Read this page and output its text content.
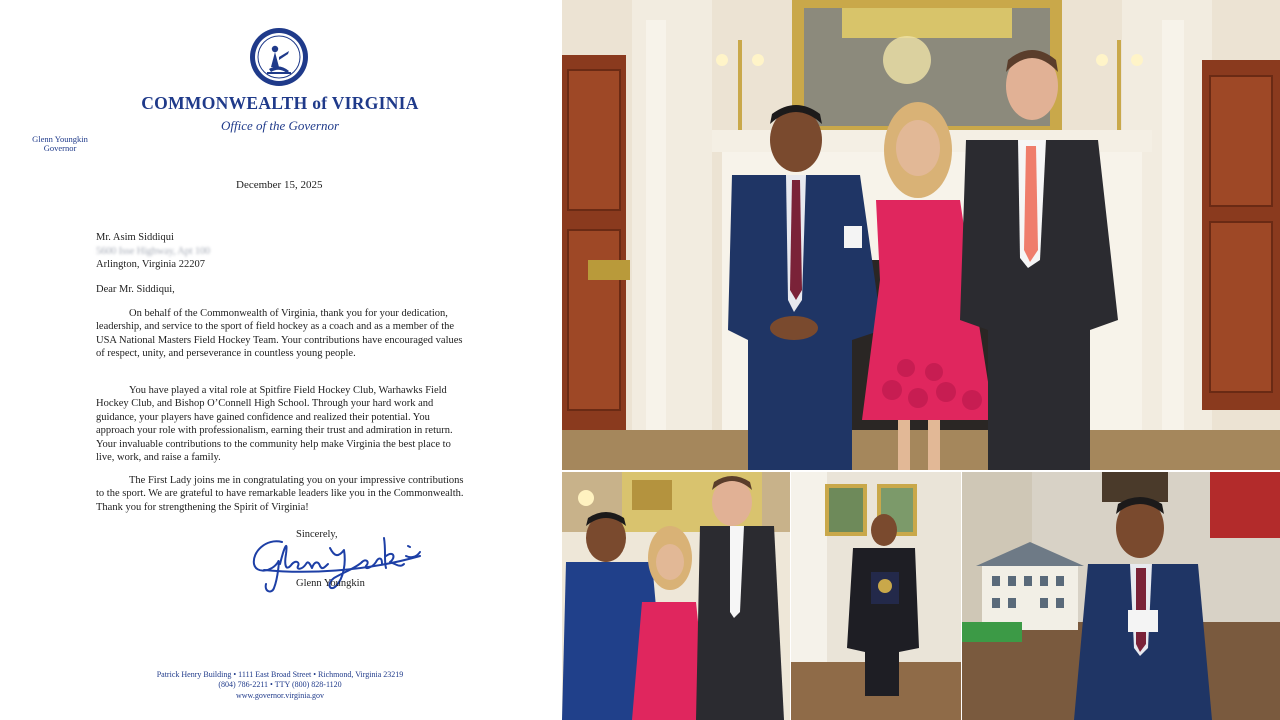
COMMONWEALTH of VIRGINIA
Office of the Governor
Glenn Youngkin
Governor
December 15, 2025
Mr. Asim Siddiqui
5600 Isse Highway, Apt 100
Arlington, Virginia 22207
Dear Mr. Siddiqui,

On behalf of the Commonwealth of Virginia, thank you for your dedication, leadership, and service to the sport of field hockey as a coach and as a member of the USA National Masters Field Hockey Team. Your contributions have encouraged values of respect, unity, and perseverance in countless young people.

You have played a vital role at Spitfire Field Hockey Club, Warhawks Field Hockey Club, and Bishop O’Connell High School. Through your hard work and guidance, your players have gained confidence and realized their potential. You approach your role with professionalism, earning their trust and admiration in return. Your invaluable contributions to the community help make Virginia the best place to live, work, and raise a family.

The First Lady joins me in congratulating you on your impressive contributions to the sport. We are grateful to have remarkable leaders like you in the Commonwealth. Thank you for strengthening the Spirit of Virginia!

Sincerely,
Glenn Youngkin
Patrick Henry Building • 1111 East Broad Street • Richmond, Virginia 23219
(804) 786-2211 • TTY (800) 828-1120
www.governor.virginia.gov
